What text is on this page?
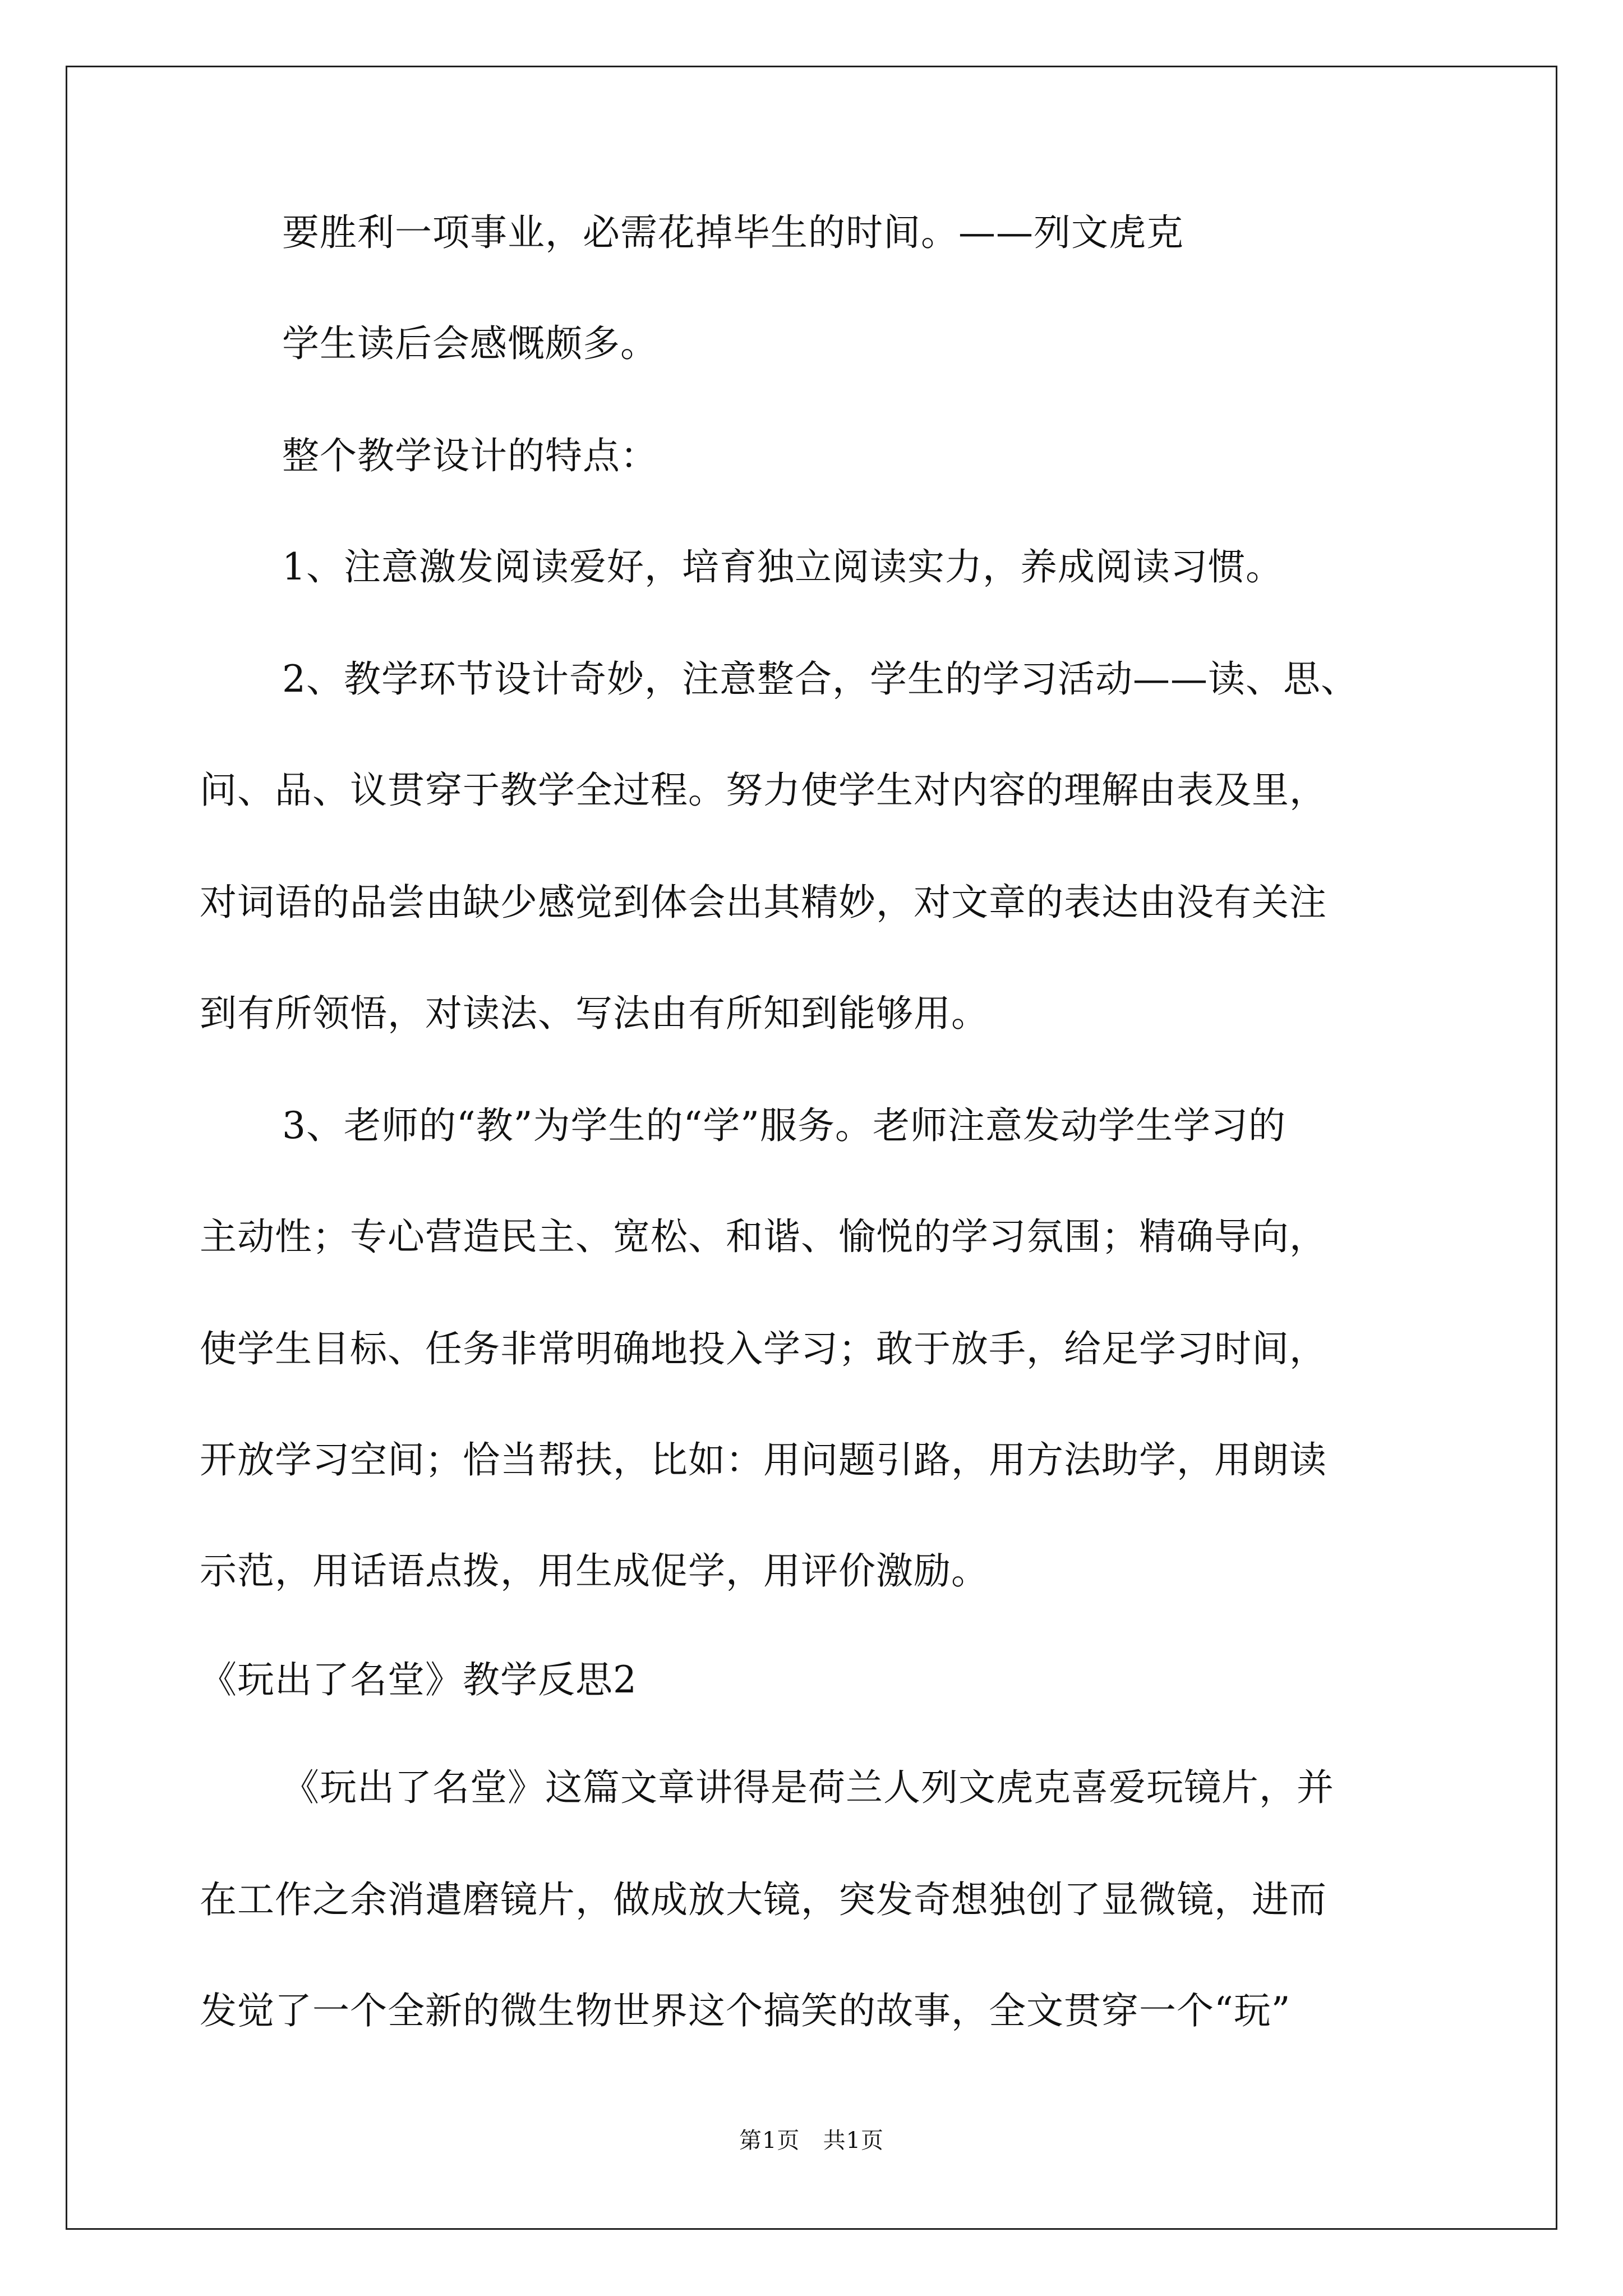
要胜利一项事业，必需花掉毕生的时间。——列文虎克
学生读后会感慨颇多。
整个教学设计的特点：
1、注意激发阅读爱好，培育独立阅读实力，养成阅读习惯。
2、教学环节设计奇妙，注意整合，学生的学习活动——读、思、
问、品、议贯穿于教学全过程。努力使学生对内容的理解由表及里，
对词语的品尝由缺少感觉到体会出其精妙，对文章的表达由没有关注
到有所领悟，对读法、写法由有所知到能够用。
3、老师的“教”为学生的“学”服务。老师注意发动学生学习的
主动性；专心营造民主、宽松、和谐、愉悦的学习氛围；精确导向，
使学生目标、任务非常明确地投入学习；敢于放手，给足学习时间，
开放学习空间；恰当帮扶，比如：用问题引路，用方法助学，用朗读
示范，用话语点拨，用生成促学，用评价激励。
《玩出了名堂》教学反思2
《玩出了名堂》这篇文章讲得是荷兰人列文虎克喜爱玩镜片，并
在工作之余消遣磨镜片，做成放大镜，突发奇想独创了显微镜，进而
发觉了一个全新的微生物世界这个搞笑的故事，全文贯穿一个“玩”
第1页 共1页
